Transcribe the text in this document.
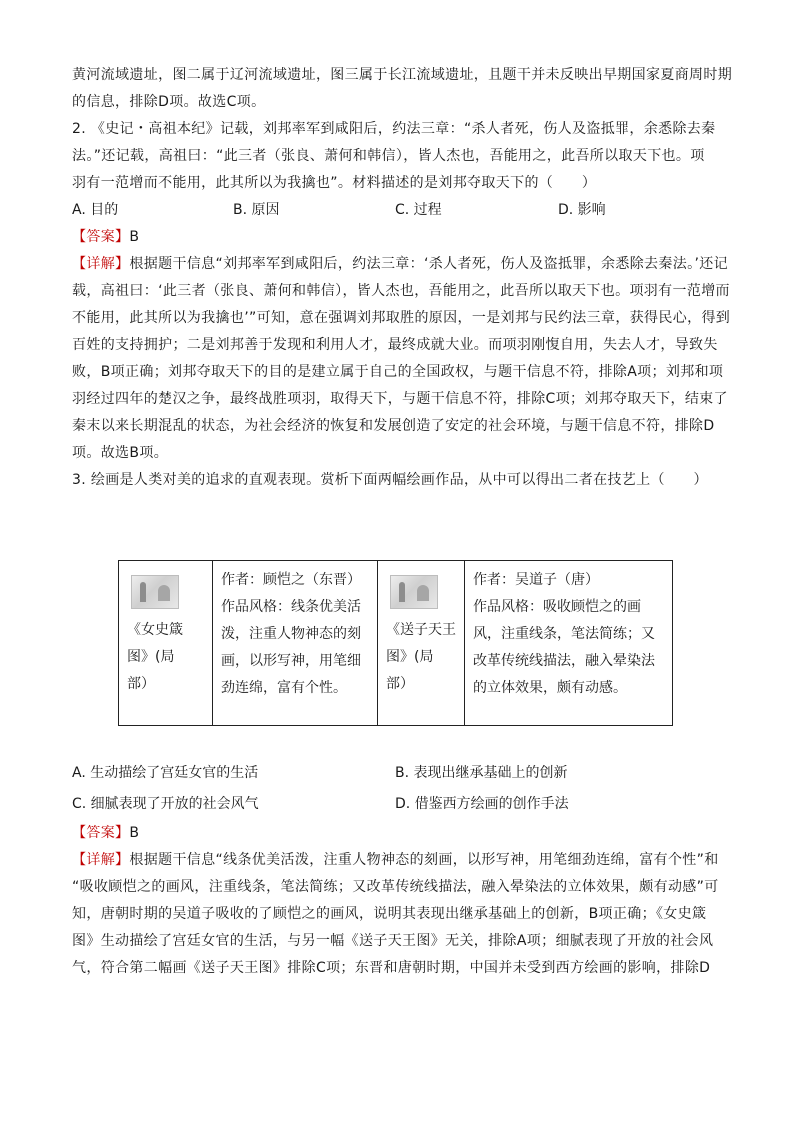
黄河流域遗址，图二属于辽河流域遗址，图三属于长江流域遗址，且题干并未反映出早期国家夏商周时期
的信息，排除D项。故选C项。
2. 《史记・高祖本纪》记载，刘邦率军到咸阳后，约法三章：“杀人者死，伤人及盗抵罪，余悉除去秦
法。”还记载，高祖曰：“此三者（张良、萧何和韩信），皆人杰也，吾能用之，此吾所以取天下也。项
羽有一范增而不能用，此其所以为我擒也”。材料描述的是刘邦夺取天下的（　　）
A. 目的	B. 原因	C. 过程	D. 影响
【答案】B
【详解】根据题干信息“刘邦率军到咸阳后，约法三章：‘杀人者死，伤人及盗抵罪，余悉除去秦法。’还记
载，高祖曰：‘此三者（张良、萧何和韩信），皆人杰也，吾能用之，此吾所以取天下也。项羽有一范增而
不能用，此其所以为我擒也’”可知，意在强调刘邦取胜的原因，一是刘邦与民约法三章，获得民心，得到
百姓的支持拥护；二是刘邦善于发现和利用人才，最终成就大业。而项羽刚愎自用，失去人才，导致失
败，B项正确；刘邦夺取天下的目的是建立属于自己的全国政权，与题干信息不符，排除A项；刘邦和项
羽经过四年的楚汉之争，最终战胜项羽，取得天下，与题干信息不符，排除C项；刘邦夺取天下，结束了
秦末以来长期混乱的状态，为社会经济的恢复和发展创造了安定的社会环境，与题干信息不符，排除D
项。故选B项。
3. 绘画是人类对美的追求的直观表现。赏析下面两幅绘画作品，从中可以得出二者在技艺上（　　）
《女史箴
图》(局
部）

作者：顾恺之（东晋）
作品风格：线条优美活
泼，注重人物神态的刻
画，以形写神，用笔细
劲连绵，富有个性。

《送子天王
图》(局
部）

作者：吴道子（唐）
作品风格：吸收顾恺之的画
风，注重线条，笔法简练；又
改革传统线描法，融入晕染法
的立体效果，颇有动感。
A. 生动描绘了宫廷女官的生活	B. 表现出继承基础上的创新
C. 细腻表现了开放的社会风气	D. 借鉴西方绘画的创作手法
【答案】B
【详解】根据题干信息“线条优美活泼，注重人物神态的刻画，以形写神，用笔细劲连绵，富有个性”和
“吸收顾恺之的画风，注重线条，笔法简练；又改革传统线描法，融入晕染法的立体效果，颇有动感”可
知，唐朝时期的吴道子吸收的了顾恺之的画风，说明其表现出继承基础上的创新，B项正确；《女史箴
图》生动描绘了宫廷女官的生活，与另一幅《送子天王图》无关，排除A项；细腻表现了开放的社会风
气，符合第二幅画《送子天王图》排除C项；东晋和唐朝时期，中国并未受到西方绘画的影响，排除D
